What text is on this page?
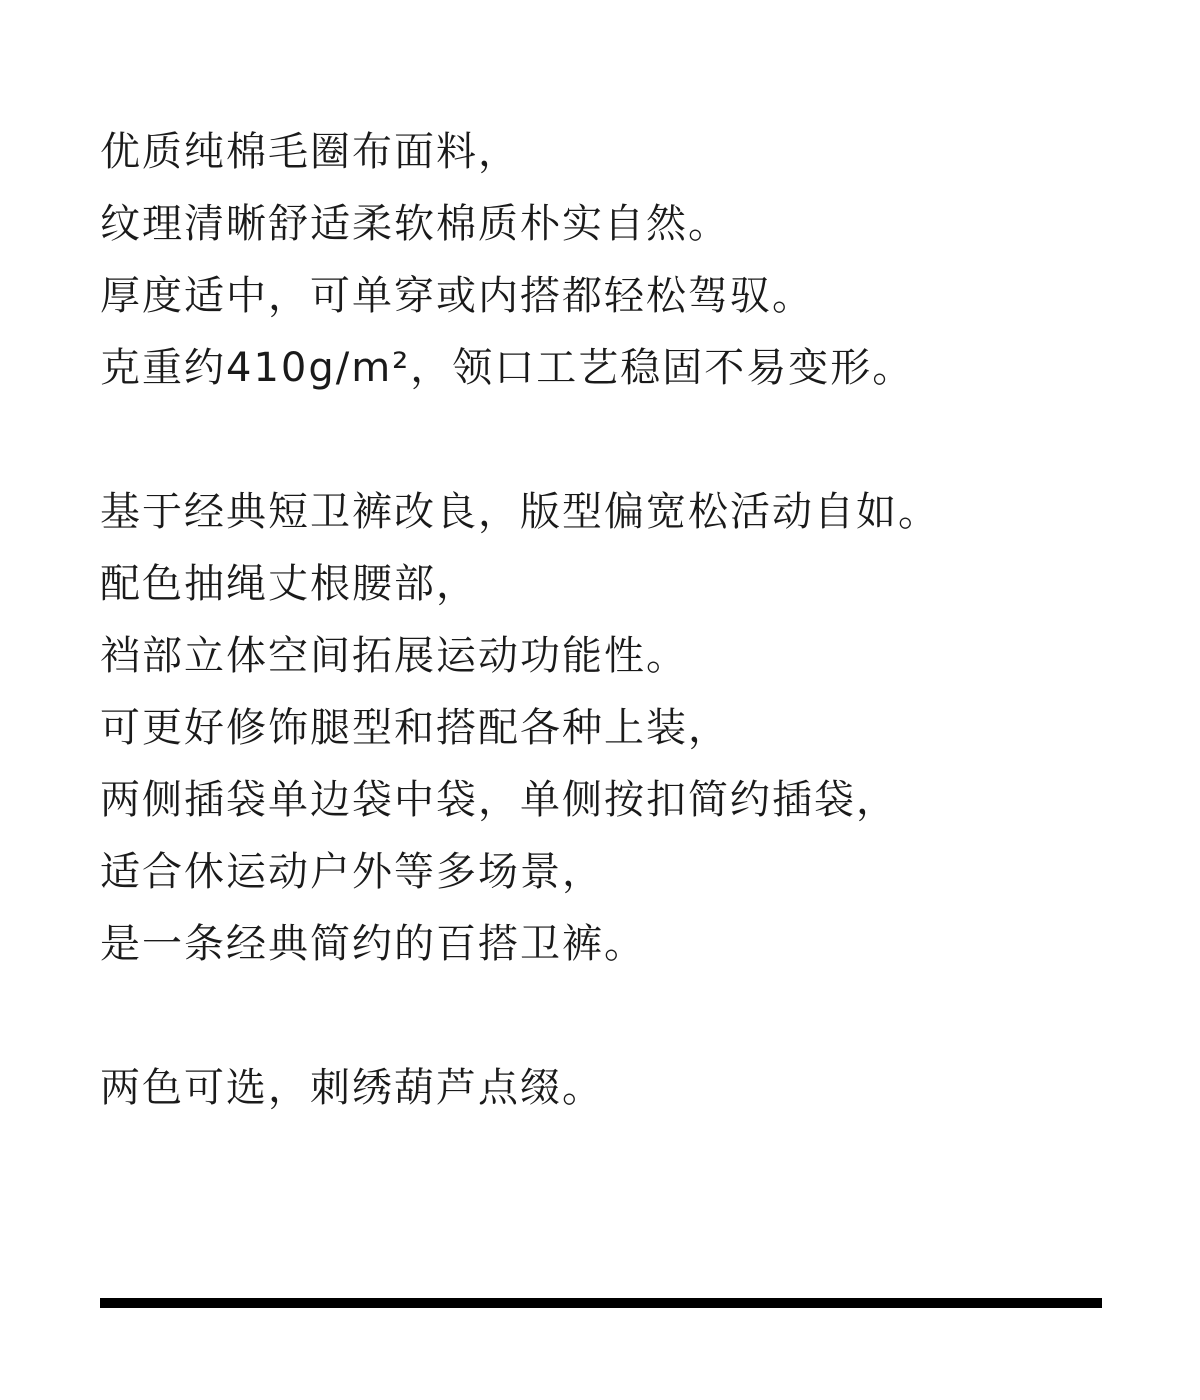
优质纯棉毛圈布面料，
纹理清晰舒适柔软棉质朴实自然。
厚度适中，可单穿或内搭都轻松驾驭。
克重约410g/m²，领口工艺稳固不易变形。
基于经典短卫裤改良，版型偏宽松活动自如。
配色抽绳丈根腰部，
裆部立体空间拓展运动功能性。
可更好修饰腿型和搭配各种上装，
两侧插袋单边袋中袋，单侧按扣简约插袋，
适合休运动户外等多场景，
是一条经典简约的百搭卫裤。
两色可选，刺绣葫芦点缀。
